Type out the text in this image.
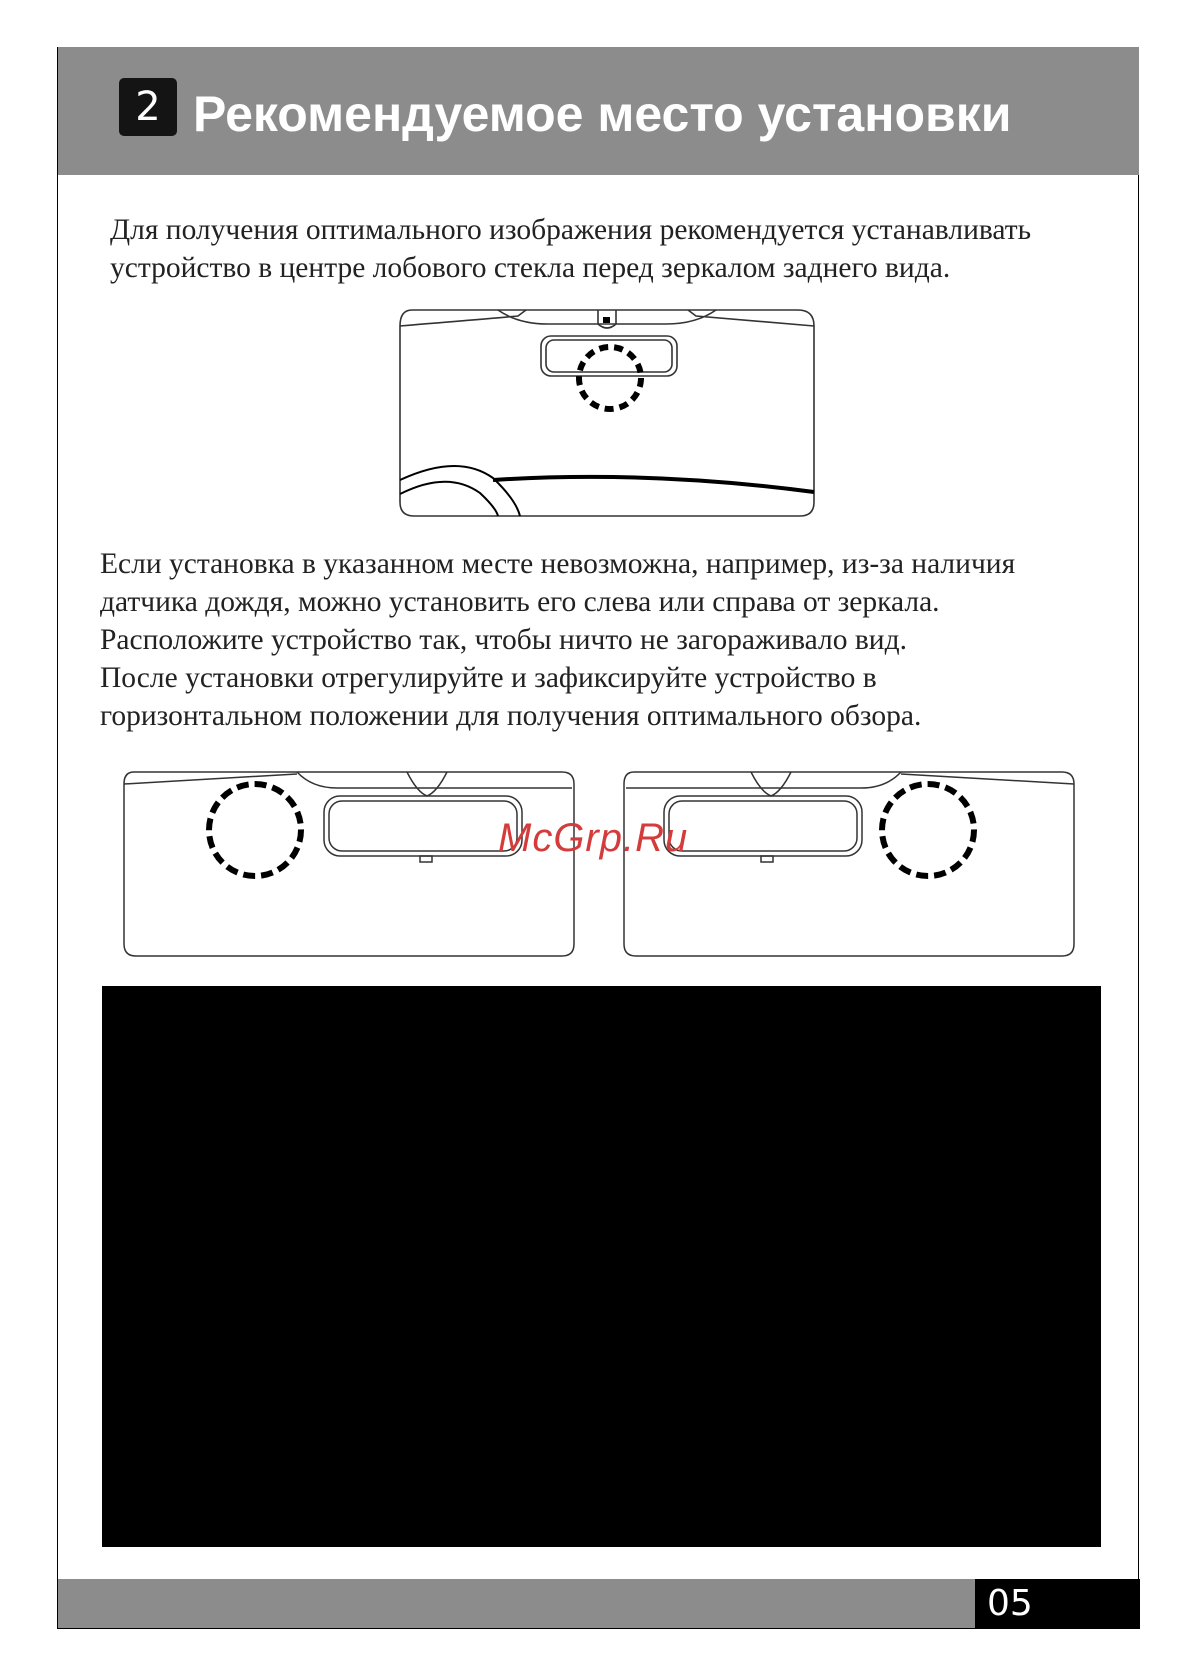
2 Рекомендуемое место установки
Для получения оптимального изображения рекомендуется устанавливать
устройство в центре лобового стекла перед зеркалом заднего вида.
Если установка в указанном месте невозможна, например, из-за наличия
датчика дождя, можно установить его слева или справа от зеркала.
Расположите устройство так, чтобы ничто не загораживало вид.
После установки отрегулируйте и зафиксируйте устройство в
горизонтальном положении для получения оптимального обзора.
McGrp.Ru
05
